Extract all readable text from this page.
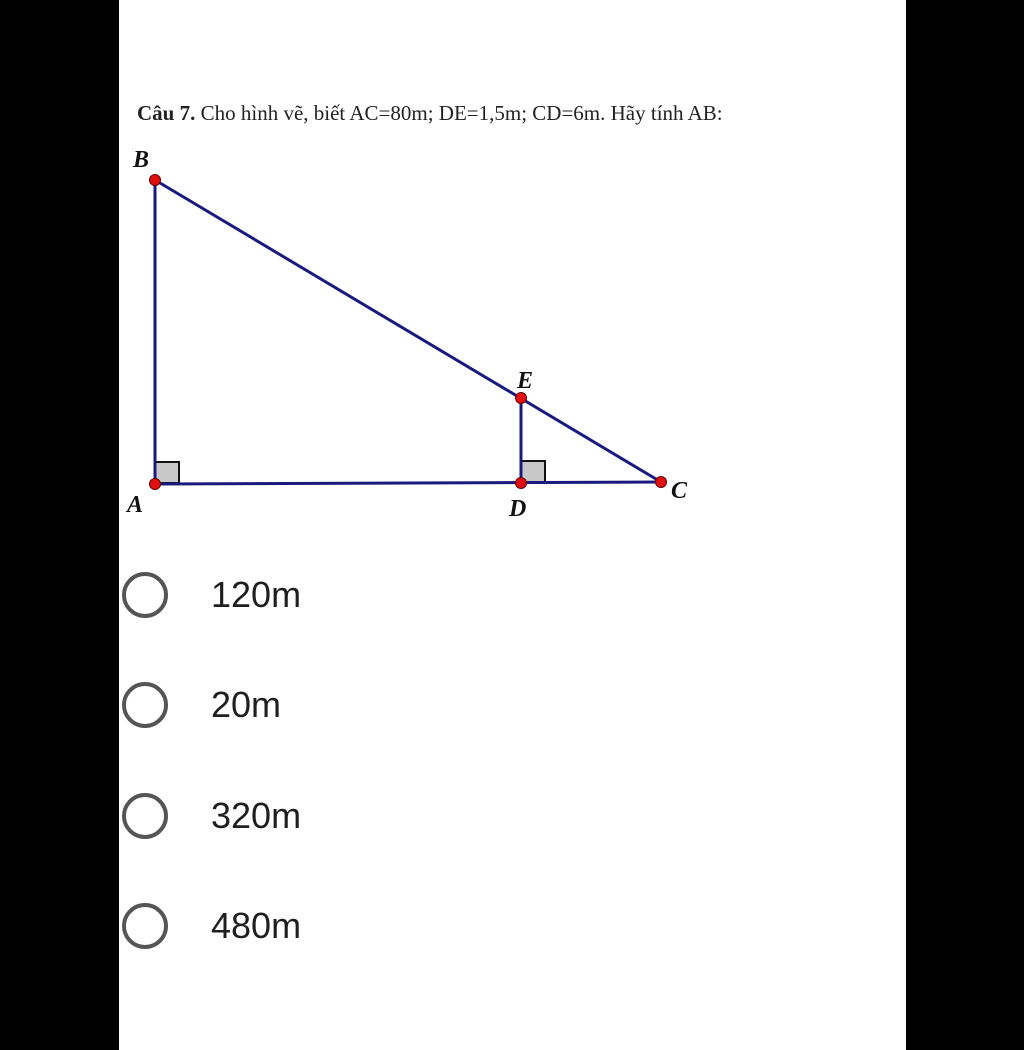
Câu 7. Cho hình vẽ, biết AC=80m; DE=1,5m; CD=6m. Hãy tính AB:
B
A
E
D
C
120m
20m
320m
480m
